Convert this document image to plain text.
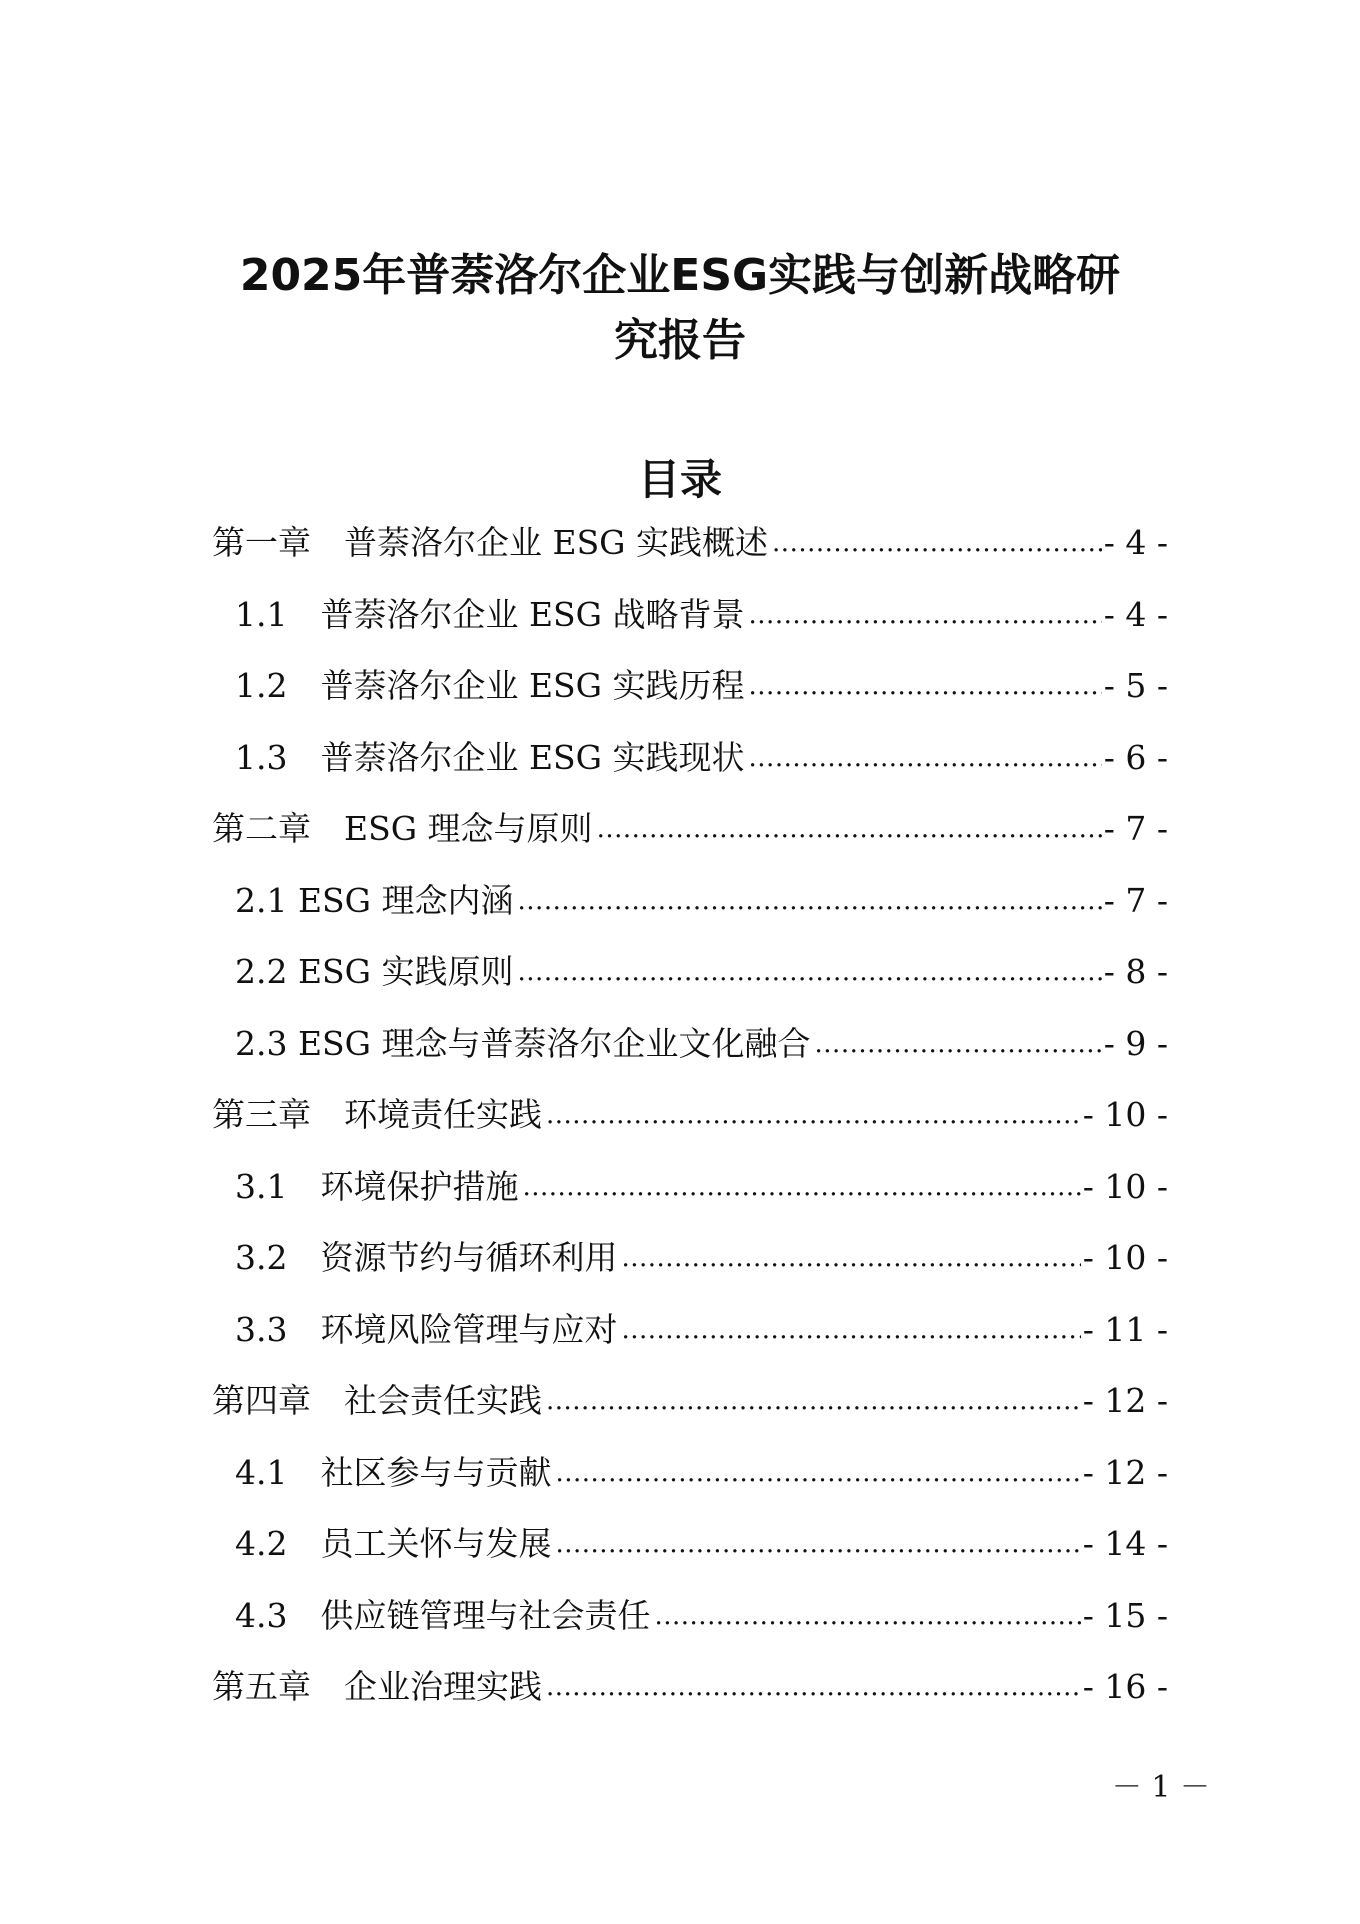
2025年普萘洛尔企业ESG实践与创新战略研
究报告
目录
第一章　普萘洛尔企业 ESG 实践概述 .....	- 4 -
1.1　普萘洛尔企业 ESG 战略背景 .....	- 4 -
1.2　普萘洛尔企业 ESG 实践历程 .....	- 5 -
1.3　普萘洛尔企业 ESG 实践现状 .....	- 6 -
第二章　ESG 理念与原则 .....	- 7 -
2.1 ESG 理念内涵 .....	- 7 -
2.2 ESG 实践原则 .....	- 8 -
2.3 ESG 理念与普萘洛尔企业文化融合 .....	- 9 -
第三章　环境责任实践 .....	- 10 -
3.1　环境保护措施 .....	- 10 -
3.2　资源节约与循环利用 .....	- 10 -
3.3　环境风险管理与应对 .....	- 11 -
第四章　社会责任实践 .....	- 12 -
4.1　社区参与与贡献 .....	- 12 -
4.2　员工关怀与发展 .....	- 14 -
4.3　供应链管理与社会责任 .....	- 15 -
第五章　企业治理实践 .....	- 16 -
－ 1 －
